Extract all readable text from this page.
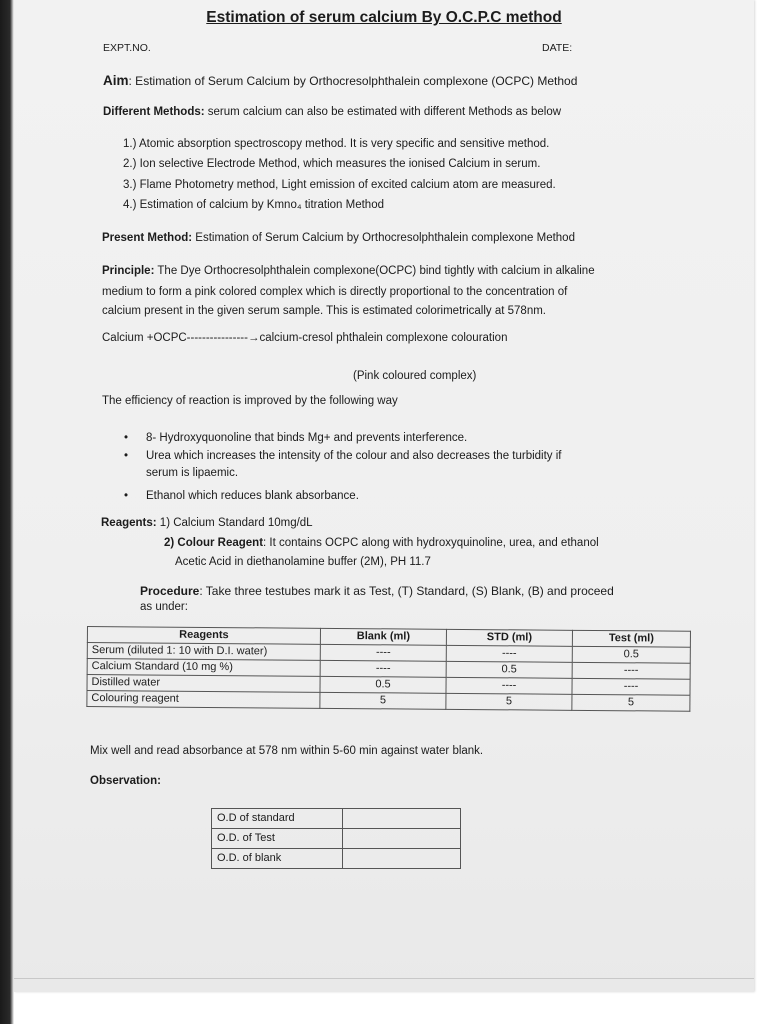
Estimation of serum calcium By O.C.P.C method
EXPT.NO.	DATE:
Aim: Estimation of Serum Calcium by Orthocresolphthalein complexone (OCPC) Method
Different Methods: serum calcium can also be estimated with different Methods as below
1.) Atomic absorption spectroscopy method. It is very specific and sensitive method.
2.) Ion selective Electrode Method, which measures the ionised Calcium in serum.
3.) Flame Photometry method, Light emission of excited calcium atom are measured.
4.) Estimation of calcium by Kmno₄ titration Method
Present Method: Estimation of Serum Calcium by Orthocresolphthalein complexone Method
Principle: The Dye Orthocresolphthalein complexone(OCPC) bind tightly with calcium in alkaline
medium to form a pink colored complex which is directly proportional to the concentration of
calcium present in the given serum sample. This is estimated colorimetrically at 578nm.
Calcium +OCPC----------------→calcium-cresol phthalein complexone colouration
(Pink coloured complex)
The efficiency of reaction is improved by the following way
• 8- Hydroxyquonoline that binds Mg+ and prevents interference.
• Urea which increases the intensity of the colour and also decreases the turbidity if
serum is lipaemic.
• Ethanol which reduces blank absorbance.
Reagents: 1) Calcium Standard 10mg/dL
2) Colour Reagent: It contains OCPC along with hydroxyquinoline, urea, and ethanol
Acetic Acid in diethanolamine buffer (2M), PH 11.7
Procedure: Take three testubes mark it as Test, (T) Standard, (S) Blank, (B) and proceed
as under:
Reagents	Blank (ml)	STD (ml)	Test (ml)
Serum (diluted 1: 10 with D.I. water)	----	----	0.5
Calcium Standard (10 mg %)	----	0.5	----
Distilled water	0.5	----	----
Colouring reagent	5	5	5
Mix well and read absorbance at 578 nm within 5-60 min against water blank.
Observation:
O.D of standard	
O.D. of Test	
O.D. of blank	
